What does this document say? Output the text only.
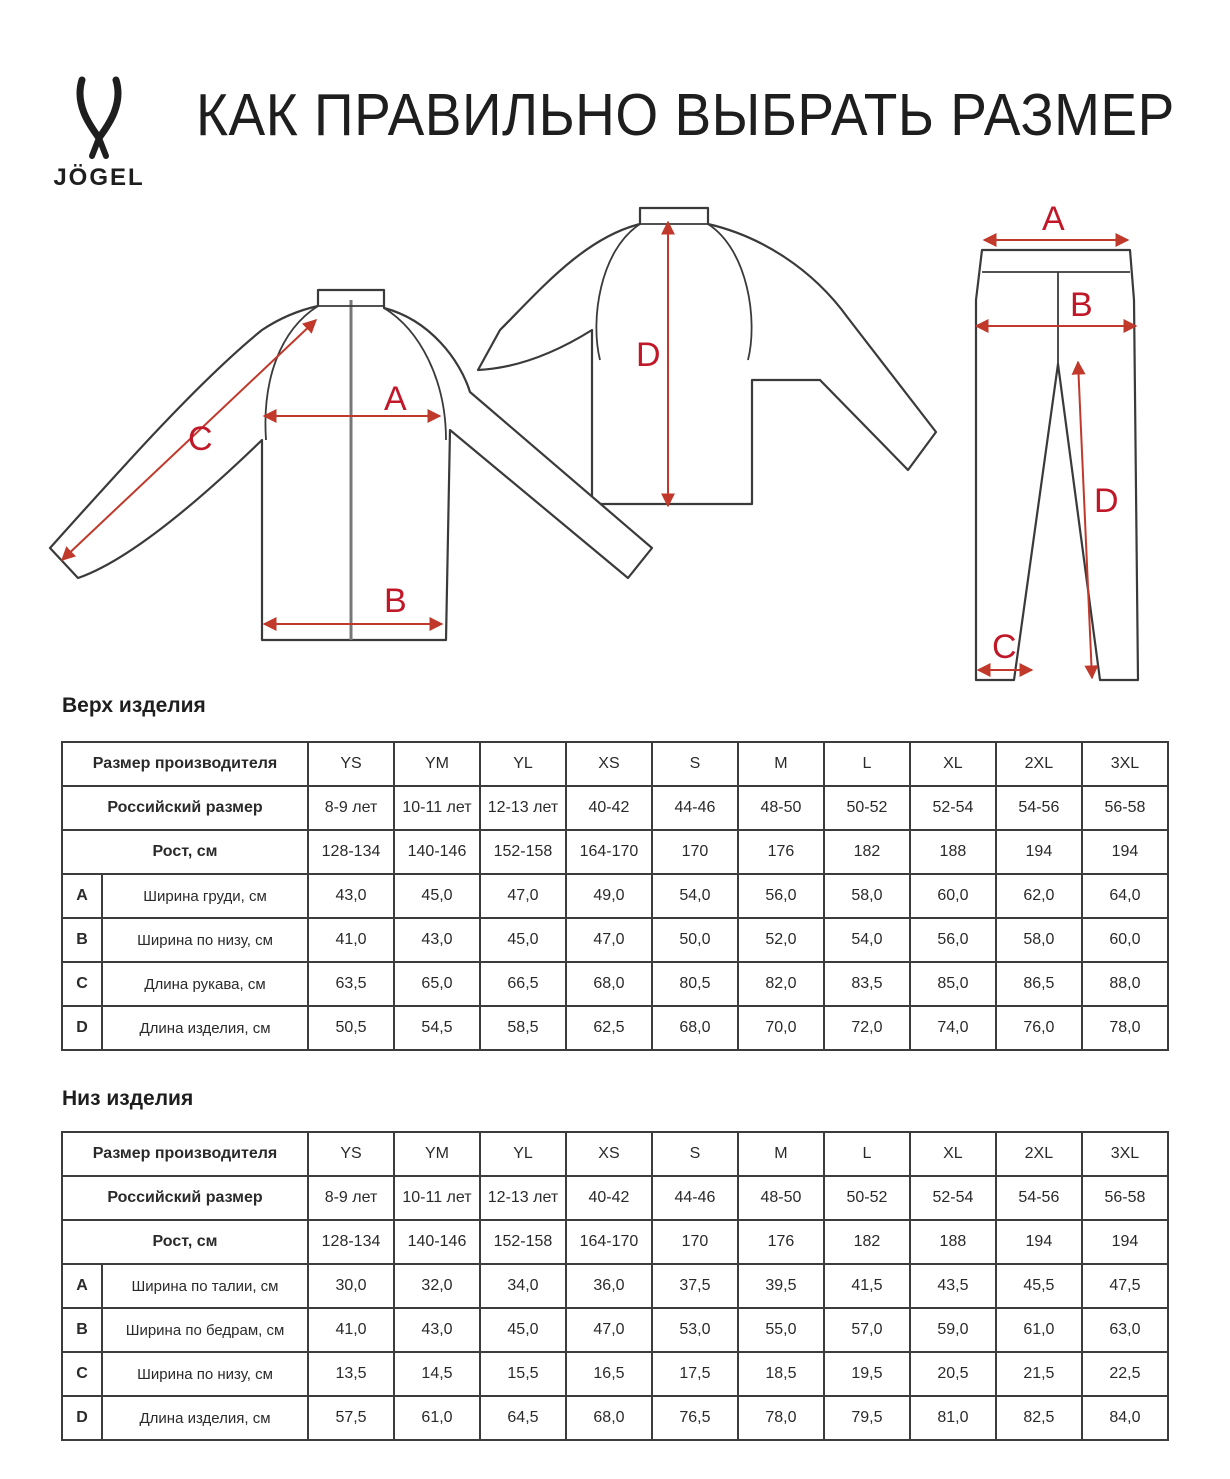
JÖGEL
КАК ПРАВИЛЬНО ВЫБРАТЬ РАЗМЕР
A
B
C
D
A
B
C
D
Верх изделия
Размер производителя		YS	YM	YL	XS	S	M	L	XL	2XL	3XL
Российский размер		8-9 лет	10-11 лет	12-13 лет	40-42	44-46	48-50	50-52	52-54	54-56	56-58
Рост, см		128-134	140-146	152-158	164-170	170	176	182	188	194	194
A	Ширина груди, см	43,0	45,0	47,0	49,0	54,0	56,0	58,0	60,0	62,0	64,0
B	Ширина по низу, см	41,0	43,0	45,0	47,0	50,0	52,0	54,0	56,0	58,0	60,0
C	Длина рукава, см	63,5	65,0	66,5	68,0	80,5	82,0	83,5	85,0	86,5	88,0
D	Длина изделия, см	50,5	54,5	58,5	62,5	68,0	70,0	72,0	74,0	76,0	78,0
Низ изделия
Размер производителя		YS	YM	YL	XS	S	M	L	XL	2XL	3XL
Российский размер		8-9 лет	10-11 лет	12-13 лет	40-42	44-46	48-50	50-52	52-54	54-56	56-58
Рост, см		128-134	140-146	152-158	164-170	170	176	182	188	194	194
A	Ширина по талии, см	30,0	32,0	34,0	36,0	37,5	39,5	41,5	43,5	45,5	47,5
B	Ширина по бедрам, см	41,0	43,0	45,0	47,0	53,0	55,0	57,0	59,0	61,0	63,0
C	Ширина по низу, см	13,5	14,5	15,5	16,5	17,5	18,5	19,5	20,5	21,5	22,5
D	Длина изделия, см	57,5	61,0	64,5	68,0	76,5	78,0	79,5	81,0	82,5	84,0
